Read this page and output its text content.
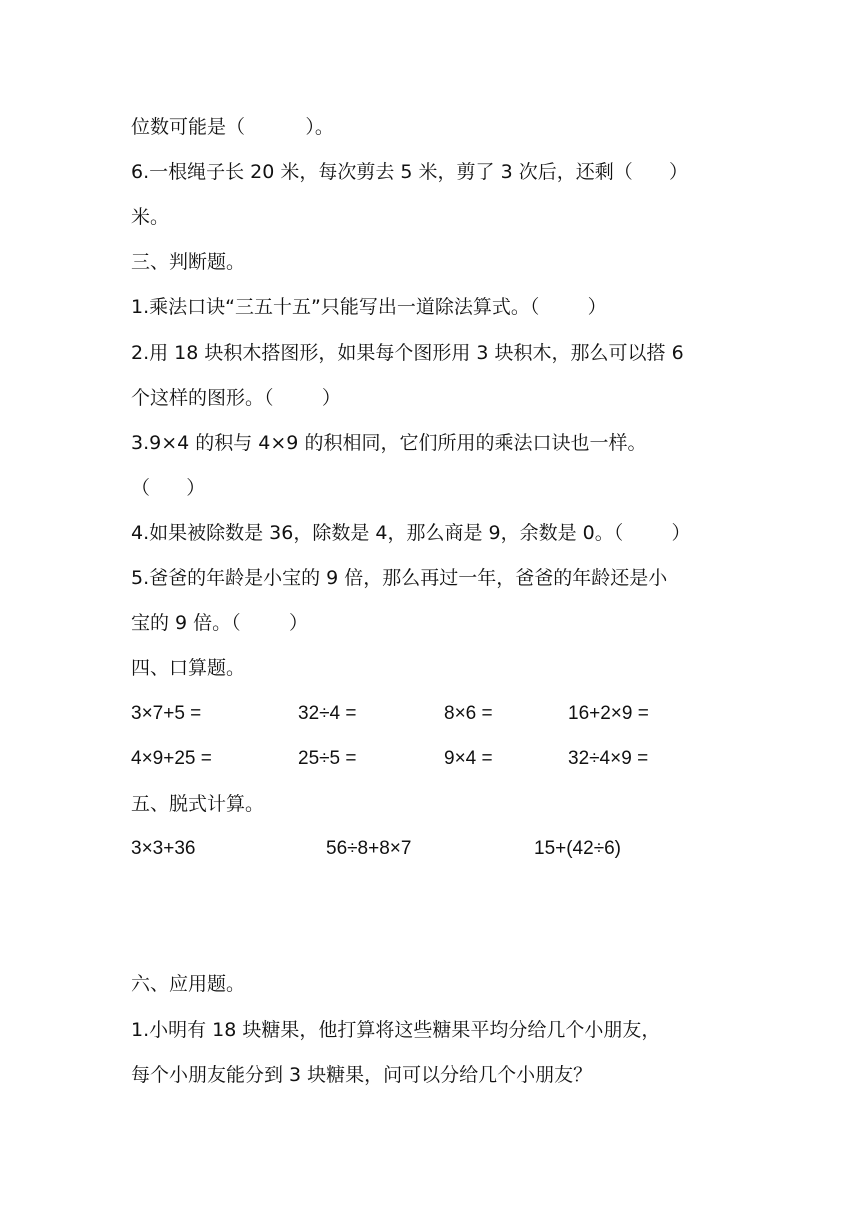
位数可能是（          ）。
6.一根绳子长 20 米，每次剪去 5 米，剪了 3 次后，还剩（      ）
米。
三、判断题。
1.乘法口诀“三五十五”只能写出一道除法算式。（        ）
2.用 18 块积木搭图形，如果每个图形用 3 块积木，那么可以搭 6
个这样的图形。（        ）
3.9×4 的积与 4×9 的积相同，它们所用的乘法口诀也一样。
（      ）
4.如果被除数是 36，除数是 4，那么商是 9，余数是 0。（        ）
5.爸爸的年龄是小宝的 9 倍，那么再过一年，爸爸的年龄还是小
宝的 9 倍。（        ）
四、口算题。
3×7+5 =	32÷4 =	8×6 =	16+2×9 =
4×9+25 =	25÷5 =	9×4 =	32÷4×9 =
五、脱式计算。
3×3+36	56÷8+8×7	15+(42÷6)
六、应用题。
1.小明有 18 块糖果，他打算将这些糖果平均分给几个小朋友，
每个小朋友能分到 3 块糖果，问可以分给几个小朋友？
